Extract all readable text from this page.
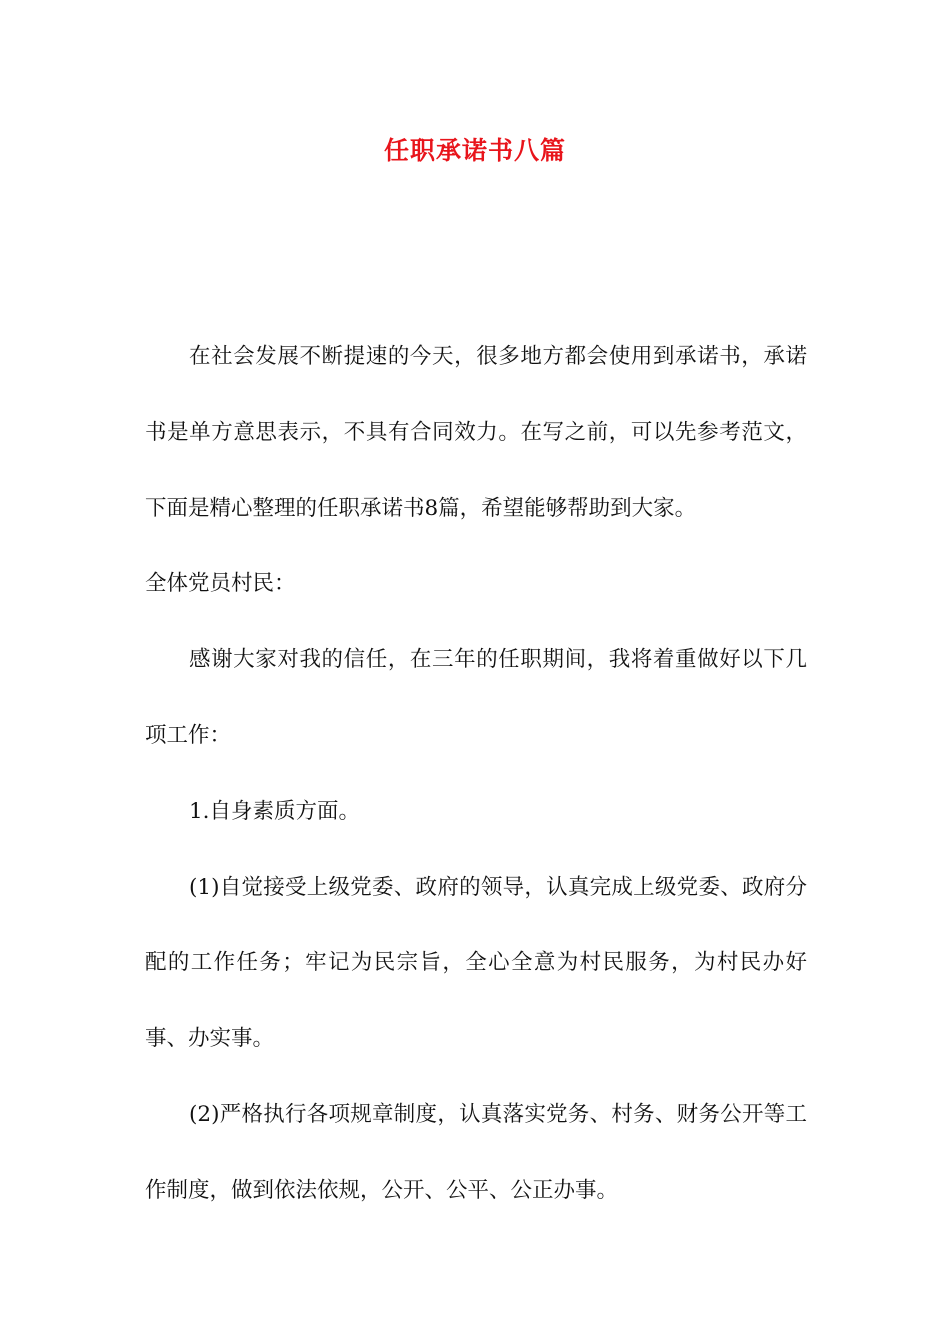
任职承诺书八篇

在社会发展不断提速的今天，很多地方都会使用到承诺书，承诺书是单方意思表示，不具有合同效力。在写之前，可以先参考范文，下面是精心整理的任职承诺书8篇，希望能够帮助到大家。

全体党员村民：

感谢大家对我的信任，在三年的任职期间，我将着重做好以下几项工作：

1.自身素质方面。

(1)自觉接受上级党委、政府的领导，认真完成上级党委、政府分配的工作任务；牢记为民宗旨，全心全意为村民服务，为村民办好事、办实事。

(2)严格执行各项规章制度，认真落实党务、村务、财务公开等工作制度，做到依法依规，公开、公平、公正办事。
